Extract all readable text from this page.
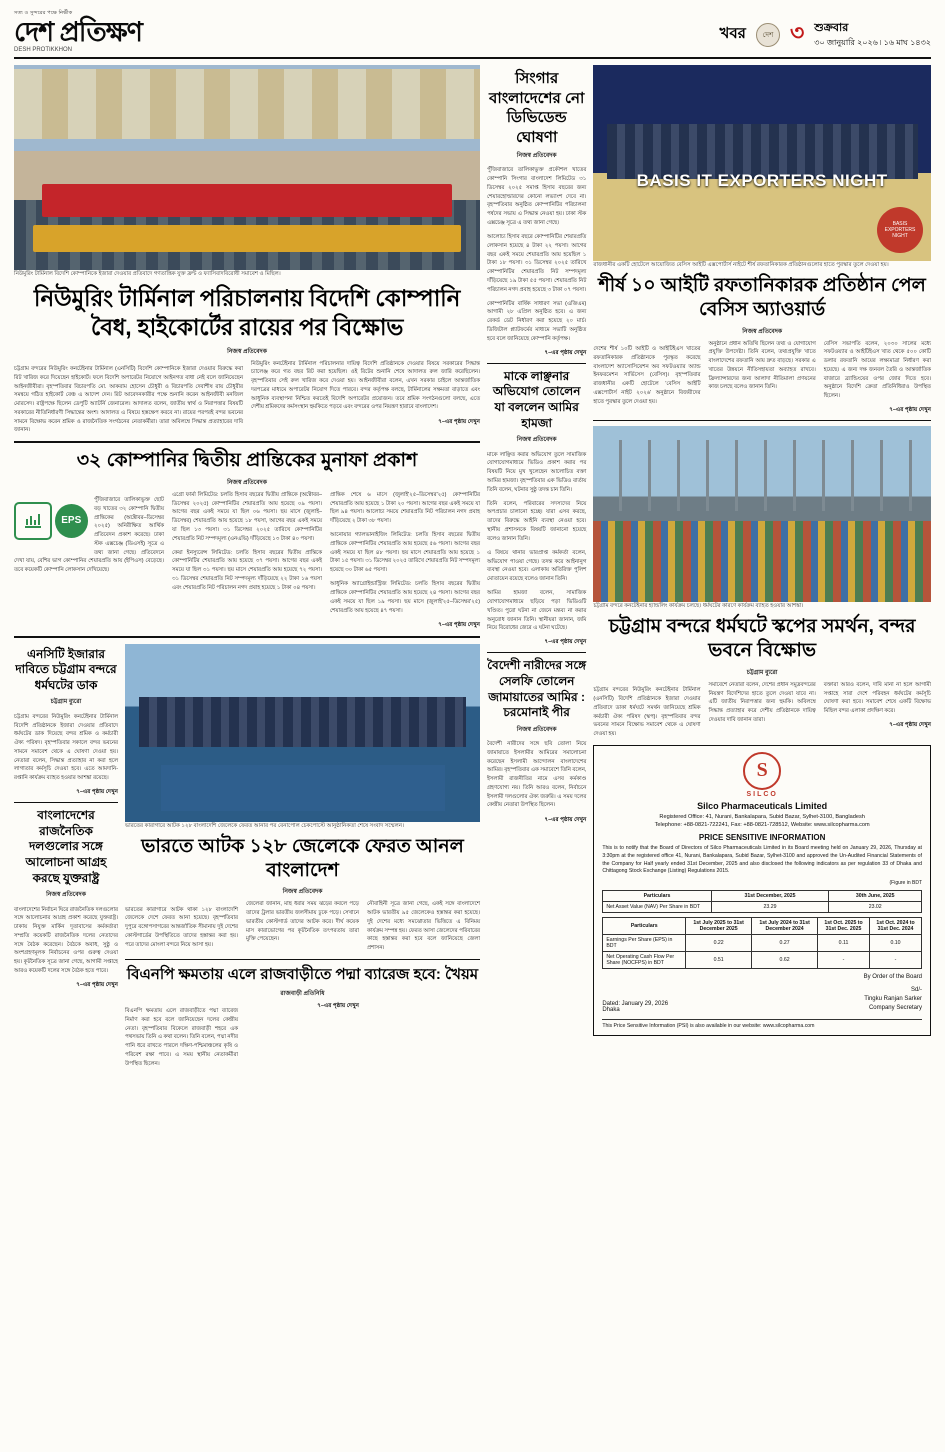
সত্য ও সুন্দরের পক্ষে নির্ভীক
দেশ প্রতিক্ষণ
DESH PROTIKKHON
খবর	দেশ ৩ শুক্রবার
৩০ জানুয়ারি ২০২৬ ৷ ১৬ মাঘ ১৪৩২
নিউমুরিং টার্মিনাল বিদেশি কোম্পানিকে ইজারা দেওয়ার প্রতিবাদে গণতান্ত্রিক যুক্ত ফ্রন্ট ও ফ্যাসিবাদবিরোধী সমাবেশ ও মিছিল।
নিউমুরিং টার্মিনাল পরিচালনায় বিদেশি কোম্পানি বৈধ, হাইকোর্টের রায়ের পর বিক্ষোভ
নিজস্ব প্রতিবেদক

চট্টগ্রাম বন্দরের নিউমুরিং কনটেইনার টার্মিনাল (এনসিটি) বিদেশি কোম্পানিকে ইজারা দেওয়ার বিরুদ্ধে করা রিট খারিজ করে দিয়েছেন হাইকোর্ট। ফলে বিদেশি অপারেটর নিয়োগে আইনগত বাধা নেই বলে জানিয়েছেন আইনজীবীরা। বৃহস্পতিবার বিচারপতি মো. আকরাম হোসেন চৌধুরী ও বিচারপতি দেবাশীষ রায় চৌধুরীর সমন্বয়ে গঠিত হাইকোর্ট বেঞ্চ এ আদেশ দেন। রিট আবেদনকারীর পক্ষে শুনানি করেন আইনজীবী মনজিল মোরসেদ। রাষ্ট্রপক্ষে ছিলেন ডেপুটি অ্যাটর্নি জেনারেল। আদালত বলেন, জাতীয় স্বার্থ ও নিরাপত্তার বিষয়টি সরকারের নীতিনির্ধারণী সিদ্ধান্তের অংশ। আদালত এ বিষয়ে হস্তক্ষেপ করবে না। রায়ের পরপরই বন্দর ভবনের সামনে বিক্ষোভ করেন শ্রমিক ও রাজনৈতিক সংগঠনের নেতাকর্মীরা। তারা অবিলম্বে সিদ্ধান্ত প্রত্যাহারের দাবি জানান।

নিউমুরিং কনটেইনার টার্মিনাল পরিচালনার দায়িত্ব বিদেশি প্রতিষ্ঠানকে দেওয়ার বিষয়ে সরকারের সিদ্ধান্ত চ্যালেঞ্জ করে গত বছর রিট করা হয়েছিল। ওই রিটের শুনানি শেষে আদালত রুল জারি করেছিলেন। বৃহস্পতিবার সেই রুল খারিজ করে দেওয়া হয়। আইনজীবীরা বলেন, এখন সরকার চাইলে আন্তর্জাতিক দরপত্রের মাধ্যমে অপারেটর নিয়োগ দিতে পারবে। বন্দর কর্তৃপক্ষ বলছে, টার্মিনালের সক্ষমতা বাড়াতে এবং আধুনিক ব্যবস্থাপনা নিশ্চিত করতেই বিদেশি অপারেটর প্রয়োজন। তবে শ্রমিক সংগঠনগুলো বলছে, এতে দেশীয় শ্রমিকদের কর্মসংস্থান হুমকিতে পড়বে এবং বন্দরের ওপর নিয়ন্ত্রণ হারাবে বাংলাদেশ।

৭–এর পৃষ্ঠায় দেখুন
৩২ কোম্পানির দ্বিতীয় প্রান্তিকের মুনাফা প্রকাশ
নিজস্ব প্রতিবেদক
EPS

পুঁজিবাজারে তালিকাভুক্ত ছোট বড় খাতের ৩২ কোম্পানি দ্বিতীয় প্রান্তিকের (অক্টোবর–ডিসেম্বর ২০২৫) অনিরীক্ষিত আর্থিক প্রতিবেদন প্রকাশ করেছে। ঢাকা স্টক এক্সচেঞ্জ (ডিএসই) সূত্রে এ তথ্য জানা গেছে। প্রতিবেদনে দেখা যায়, বেশির ভাগ কোম্পানির শেয়ারপ্রতি আয় (ইপিএস) বেড়েছে। তবে কয়েকটি কোম্পানি লোকসান দেখিয়েছে।

এগ্রো ফার্মা লিমিটেড: চলতি হিসাব বছরের দ্বিতীয় প্রান্তিকে (অক্টোবর–ডিসেম্বর ২০২৫) কোম্পানিটির শেয়ারপ্রতি আয় হয়েছে ০৯ পয়সা। আগের বছর একই সময়ে যা ছিল ০৬ পয়সা। ছয় মাসে (জুলাই–ডিসেম্বর) শেয়ারপ্রতি আয় হয়েছে ১৮ পয়সা, আগের বছর একই সময়ে যা ছিল ১৩ পয়সা। ৩১ ডিসেম্বর ২০২৫ তারিখে কোম্পানিটির শেয়ারপ্রতি নিট সম্পদমূল্য (এনএভি) দাঁড়িয়েছে ১৩ টাকা ৪০ পয়সা।

কেয়া ইনস্যুরেন্স লিমিটেড: চলতি হিসাব বছরের দ্বিতীয় প্রান্তিকে কোম্পানিটির শেয়ারপ্রতি আয় হয়েছে ৩৭ পয়সা। আগের বছর একই সময়ে যা ছিল ৩১ পয়সা। ছয় মাসে শেয়ারপ্রতি আয় হয়েছে ৭২ পয়সা। ৩১ ডিসেম্বর শেয়ারপ্রতি নিট সম্পদমূল্য দাঁড়িয়েছে ২২ টাকা ১৬ পয়সা এবং শেয়ারপ্রতি নিট পরিচালন নগদ প্রবাহ হয়েছে ১ টাকা ০৪ পয়সা।

প্রান্তিক শেষে ৬ মাসে (জুলাই'২৫–ডিসেম্বর'২৫) কোম্পানিটির শেয়ারপ্রতি আয় হয়েছে ১ টাকা ২০ পয়সা। আগের বছর একই সময়ে যা ছিল ৯৪ পয়সা। আলোচ্য সময়ে শেয়ারপ্রতি নিট পরিচালন নগদ প্রবাহ দাঁড়িয়েছে ২ টাকা ৩৮ পয়সা।

আনোয়ার গ্যালভানাইজিং লিমিটেড: চলতি হিসাব বছরের দ্বিতীয় প্রান্তিকে কোম্পানিটির শেয়ারপ্রতি আয় হয়েছে ৫৬ পয়সা। আগের বছর একই সময়ে যা ছিল ৪৮ পয়সা। ছয় মাসে শেয়ারপ্রতি আয় হয়েছে ১ টাকা ১৫ পয়সা। ৩১ ডিসেম্বর ২০২৫ তারিখে শেয়ারপ্রতি নিট সম্পদমূল্য হয়েছে ৩০ টাকা ৬৫ পয়সা।

আধুনিক অ্যাগ্রোইন্ডাস্ট্রিজ লিমিটেড: চলতি হিসাব বছরের দ্বিতীয় প্রান্তিকে কোম্পানিটির শেয়ারপ্রতি আয় হয়েছে ২৪ পয়সা। আগের বছর একই সময়ে যা ছিল ১৯ পয়সা। ছয় মাসে (জুলাই'২৫–ডিসেম্বর'২৫) শেয়ারপ্রতি আয় হয়েছে ৪৭ পয়সা।

৭–এর পৃষ্ঠায় দেখুন
এনসিটি ইজারার দাবিতে চট্টগ্রাম বন্দরে ধর্মঘটের ডাক
চট্টগ্রাম ব্যুরো

চট্টগ্রাম বন্দরের নিউমুরিং কনটেইনার টার্মিনাল বিদেশি প্রতিষ্ঠানকে ইজারা দেওয়ার প্রতিবাদে ধর্মঘটের ডাক দিয়েছে বন্দর শ্রমিক ও কর্মচারী ঐক্য পরিষদ। বৃহস্পতিবার সকালে বন্দর ভবনের সামনে সমাবেশ থেকে এ ঘোষণা দেওয়া হয়। নেতারা বলেন, সিদ্ধান্ত প্রত্যাহার না করা হলে লাগাতার কর্মসূচি দেওয়া হবে। এতে আমদানি-রপ্তানি কার্যক্রম ব্যাহত হওয়ার আশঙ্কা রয়েছে।

৭–এর পৃষ্ঠায় দেখুন
বাংলাদেশের রাজনৈতিক দলগুলোর সঙ্গে আলোচনা আগ্রহ করছে যুক্তরাষ্ট্র
নিজস্ব প্রতিবেদক

বাংলাদেশের নির্বাচন ঘিরে রাজনৈতিক দলগুলোর সঙ্গে আলোচনার আগ্রহ প্রকাশ করেছে যুক্তরাষ্ট্র। ঢাকায় নিযুক্ত মার্কিন দূতাবাসের কর্মকর্তারা সম্প্রতি কয়েকটি রাজনৈতিক দলের নেতাদের সঙ্গে বৈঠক করেছেন। বৈঠকে অবাধ, সুষ্ঠু ও অংশগ্রহণমূলক নির্বাচনের ওপর গুরুত্ব দেওয়া হয়। কূটনৈতিক সূত্রে জানা গেছে, আগামী সপ্তাহে আরও কয়েকটি দলের সঙ্গে বৈঠক হতে পারে।

৭–এর পৃষ্ঠায় দেখুন
ভারতের কারাগারে আটক ১২৮ বাংলাদেশি জেলেকে ফেরত আনার পর বেনাপোল চেকপোস্টে আনুষ্ঠানিকতা শেষে সংবাদ সম্মেলন।
ভারতে আটক ১২৮ জেলেকে ফেরত আনল বাংলাদেশ
নিজস্ব প্রতিবেদক

ভারতের কারাগারে আটক থাকা ১২৮ বাংলাদেশি জেলেকে দেশে ফেরত আনা হয়েছে। বৃহস্পতিবার দুপুরে বঙ্গোপসাগরের আন্তর্জাতিক সীমানায় দুই দেশের কোস্টগার্ডের উপস্থিতিতে তাদের হস্তান্তর করা হয়। পরে তাদের মোংলা বন্দরে নিয়ে আসা হয়।

জেলেরা জানান, মাছ ধরার সময় ঝড়ের কবলে পড়ে তাদের ট্রলার ভারতীয় জলসীমায় ঢুকে পড়ে। সেখানে ভারতীয় কোস্টগার্ড তাদের আটক করে। দীর্ঘ কয়েক মাস কারাভোগের পর কূটনৈতিক তৎপরতায় তারা মুক্তি পেয়েছেন।

নৌবাহিনী সূত্রে জানা গেছে, একই সঙ্গে বাংলাদেশে আটক ভারতীয় ৯৫ জেলেকেও হস্তান্তর করা হয়েছে। দুই দেশের মধ্যে সমঝোতার ভিত্তিতে এ বিনিময় কার্যক্রম সম্পন্ন হয়। ফেরত আসা জেলেদের পরিবারের কাছে হস্তান্তর করা হবে বলে জানিয়েছে জেলা প্রশাসন।

বিএনপি ক্ষমতায় এলে রাজবাড়ীতে পদ্মা ব্যারেজ হবে: খৈয়ম
রাজবাড়ী প্রতিনিধি

বিএনপি ক্ষমতায় এলে রাজবাড়ীতে পদ্মা ব্যারেজ নির্মাণ করা হবে বলে জানিয়েছেন দলের কেন্দ্রীয় নেতা। বৃহস্পতিবার বিকেলে রাজবাড়ী শহরে এক পথসভায় তিনি এ কথা বলেন। তিনি বলেন, পদ্মা নদীর পানি ধরে রাখতে পারলে দক্ষিণ-পশ্চিমাঞ্চলের কৃষি ও পরিবেশ রক্ষা পাবে। এ সময় স্থানীয় নেতাকর্মীরা উপস্থিত ছিলেন।

৭–এর পৃষ্ঠায় দেখুন
সিংগার বাংলাদেশের নো ডিভিডেন্ড ঘোষণা
নিজস্ব প্রতিবেদক

পুঁজিবাজারে তালিকাভুক্ত প্রকৌশল খাতের কোম্পানি সিংগার বাংলাদেশ লিমিটেড ৩১ ডিসেম্বর ২০২৫ সমাপ্ত হিসাব বছরের জন্য শেয়ারহোল্ডারদের কোনো লভ্যাংশ দেবে না। বৃহস্পতিবার অনুষ্ঠিত কোম্পানিটির পরিচালনা পর্ষদের সভায় এ সিদ্ধান্ত নেওয়া হয়। ঢাকা স্টক এক্সচেঞ্জ সূত্রে এ তথ্য জানা গেছে।

আলোচ্য হিসাব বছরে কোম্পানিটির শেয়ারপ্রতি লোকসান হয়েছে ৪ টাকা ২২ পয়সা। আগের বছর একই সময়ে শেয়ারপ্রতি আয় হয়েছিল ১ টাকা ১৮ পয়সা। ৩১ ডিসেম্বর ২০২৫ তারিখে কোম্পানিটির শেয়ারপ্রতি নিট সম্পদমূল্য দাঁড়িয়েছে ১৯ টাকা ৫৫ পয়সা। শেয়ারপ্রতি নিট পরিচালন নগদ প্রবাহ হয়েছে ৩ টাকা ০৭ পয়সা।

কোম্পানিটির বার্ষিক সাধারণ সভা (এজিএম) আগামী ২৮ এপ্রিল অনুষ্ঠিত হবে। এ জন্য রেকর্ড ডেট নির্ধারণ করা হয়েছে ২০ মার্চ। ডিজিটাল প্ল্যাটফর্মের মাধ্যমে সভাটি অনুষ্ঠিত হবে বলে জানিয়েছে কোম্পানি কর্তৃপক্ষ।

৭–এর পৃষ্ঠায় দেখুন
মাকে লাঞ্ছনার অভিযোগ তোলেন যা বললেন আমির হামজা
নিজস্ব প্রতিবেদক

মাকে লাঞ্ছিত করার অভিযোগ তুলে সামাজিক যোগাযোগমাধ্যমে ভিডিও প্রকাশ করার পর বিষয়টি নিয়ে মুখ খুলেছেন আলোচিত বক্তা আমির হামজা। বৃহস্পতিবার এক ভিডিও বার্তায় তিনি বলেন, ঘটনার সুষ্ঠু তদন্ত চান তিনি।

তিনি বলেন, পরিবারের সদস্যদের নিয়ে অপপ্রচার চালানো হচ্ছে। যারা এসব করছে, তাদের বিরুদ্ধে আইনি ব্যবস্থা নেওয়া হবে। স্থানীয় প্রশাসনকে বিষয়টি জানানো হয়েছে বলেও জানান তিনি।

এ বিষয়ে থানার ভারপ্রাপ্ত কর্মকর্তা বলেন, অভিযোগ পাওয়া গেছে। তদন্ত করে আইনানুগ ব্যবস্থা নেওয়া হবে। এলাকায় অতিরিক্ত পুলিশ মোতায়েন রয়েছে বলেও জানান তিনি।

আমির হামজা বলেন, সামাজিক যোগাযোগমাধ্যমে ছড়িয়ে পড়া ভিডিওটি খণ্ডিত। পুরো ঘটনা না জেনে মন্তব্য না করার অনুরোধ জানান তিনি। স্থানীয়রা জানান, জমি নিয়ে বিরোধের জেরে এ ঘটনা ঘটেছে।

৭–এর পৃষ্ঠায় দেখুন
বৈদেশী নারীদের সঙ্গে সেলফি তোলেন জামায়াতের আমির : চরমোনাই পীর
নিজস্ব প্রতিবেদক

বৈদেশী নারীদের সঙ্গে ছবি তোলা নিয়ে জামায়াতে ইসলামীর আমিরের সমালোচনা করেছেন ইসলামী আন্দোলন বাংলাদেশের আমির। বৃহস্পতিবার এক সমাবেশে তিনি বলেন, ইসলামী রাজনীতির নামে এসব কর্মকাণ্ড গ্রহণযোগ্য নয়। তিনি আরও বলেন, নির্বাচনে ইসলামী দলগুলোর ঐক্য জরুরি। এ সময় দলের কেন্দ্রীয় নেতারা উপস্থিত ছিলেন।

৭–এর পৃষ্ঠায় দেখুন
BASIS IT EXPORTERS NIGHT
BASIS EXPORTERS NIGHT
রাজধানীর একটি হোটেলে আয়োজিত বেসিস আইটি এক্সপোর্টার্স নাইটে শীর্ষ রফতানিকারক প্রতিষ্ঠানগুলোর হাতে পুরস্কার তুলে দেওয়া হয়।
শীর্ষ ১০ আইটি রফতানিকারক প্রতিষ্ঠান পেল বেসিস অ্যাওয়ার্ড
নিজস্ব প্রতিবেদক

দেশের শীর্ষ ১০টি আইটি ও আইটিইএস খাতের রফতানিকারক প্রতিষ্ঠানকে পুরস্কৃত করেছে বাংলাদেশ অ্যাসোসিয়েশন অব সফটওয়্যার অ্যান্ড ইনফরমেশন সার্ভিসেস (বেসিস)। বৃহস্পতিবার রাজধানীর একটি হোটেলে 'বেসিস আইটি এক্সপোর্টার্স নাইট ২০২৬' অনুষ্ঠানে বিজয়ীদের হাতে পুরস্কার তুলে দেওয়া হয়।

অনুষ্ঠানে প্রধান অতিথি ছিলেন তথ্য ও যোগাযোগ প্রযুক্তি উপদেষ্টা। তিনি বলেন, তথ্যপ্রযুক্তি খাতে বাংলাদেশের রফতানি আয় দ্রুত বাড়ছে। সরকার এ খাতের উন্নয়নে নীতিসহায়তা অব্যাহত রাখবে। ফ্রিল্যান্সারদের জন্য আলাদা নীতিমালা প্রণয়নের কাজ চলছে বলেও জানান তিনি।

বেসিস সভাপতি বলেন, ২০৩০ সালের মধ্যে সফটওয়্যার ও আইটিইএস খাত থেকে ৫০০ কোটি ডলার রফতানি আয়ের লক্ষ্যমাত্রা নির্ধারণ করা হয়েছে। এ জন্য দক্ষ জনবল তৈরি ও আন্তর্জাতিক বাজারে ব্র্যান্ডিংয়ের ওপর জোর দিতে হবে। অনুষ্ঠানে বিদেশি ক্রেতা প্রতিনিধিরাও উপস্থিত ছিলেন।

৭–এর পৃষ্ঠায় দেখুন
চট্টগ্রাম বন্দরে কনটেইনার হ্যান্ডলিং কার্যক্রম চলছে। ধর্মঘটের কারণে কার্যক্রম ব্যাহত হওয়ার আশঙ্কা।
চট্টগ্রাম বন্দরে ধর্মঘটে স্কপের সমর্থন, বন্দর ভবনে বিক্ষোভ
চট্টগ্রাম ব্যুরো

চট্টগ্রাম বন্দরের নিউমুরিং কনটেইনার টার্মিনাল (এনসিটি) বিদেশি প্রতিষ্ঠানকে ইজারা দেওয়ার প্রতিবাদে ডাকা ধর্মঘটে সমর্থন জানিয়েছে শ্রমিক কর্মচারী ঐক্য পরিষদ (স্কপ)। বৃহস্পতিবার বন্দর ভবনের সামনে বিক্ষোভ সমাবেশ থেকে এ ঘোষণা দেওয়া হয়।

সমাবেশে নেতারা বলেন, দেশের প্রধান সমুদ্রবন্দরের নিয়ন্ত্রণ বিদেশিদের হাতে তুলে দেওয়া যাবে না। এটি জাতীয় নিরাপত্তার জন্য হুমকি। অবিলম্বে সিদ্ধান্ত প্রত্যাহার করে দেশীয় প্রতিষ্ঠানকে দায়িত্ব দেওয়ার দাবি জানান তারা।

বক্তারা আরও বলেন, দাবি মানা না হলে আগামী সপ্তাহে সারা দেশে পরিবহন ধর্মঘটের কর্মসূচি ঘোষণা করা হবে। সমাবেশ শেষে একটি বিক্ষোভ মিছিল বন্দর এলাকা প্রদক্ষিণ করে।

৭–এর পৃষ্ঠায় দেখুন
S
SILCO
Silco Pharmaceuticals Limited
Registered Office: 41, Nurani, Bankalapara, Subid Bazar, Sylhet-3100, Bangladesh
Telephone: +88-0821-722241, Fax: +88-0821-728512, Website: www.silcopharma.com
PRICE SENSITIVE INFORMATION
This is to notify that the Board of Directors of Silco Pharmaceuticals Limited in its Board meeting held on January 29, 2026, Thursday at 3:30pm at the registered office 41, Nurani, Bankalapara, Subid Bazar, Sylhet-3100 and approved the Un-Audited Financial Statements of the Company for Half yearly ended 31st December, 2025 and also disclosed the following indicators as per regulation 33 of Dhaka and Chittagong Stock Exchange (Listing) Regulations 2015.
(Figure in BDT
Particulars	31st December, 2025	30th June, 2025
Net Asset Value (NAV) Per Share in BDT	23.29	23.02
Particulars	1st July 2025 to 31st December 2025	1st July 2024 to 31st December 2024	1st Oct. 2025 to 31st Dec. 2025	1st Oct. 2024 to 31st Dec. 2024
Earnings Per Share (EPS) in BDT	0.22	0.27	0.11	0.10
Net Operating Cash Flow Per Share (NOCFPS) in BDT	0.51	0.62	-	-
By Order of the Board
Dated: January 29, 2026
Dhaka
Sd/-
Tingku Ranjan Sarker
Company Secretary
This Price Sensitive Information (PSI) is also available in our website: www.silcopharma.com
